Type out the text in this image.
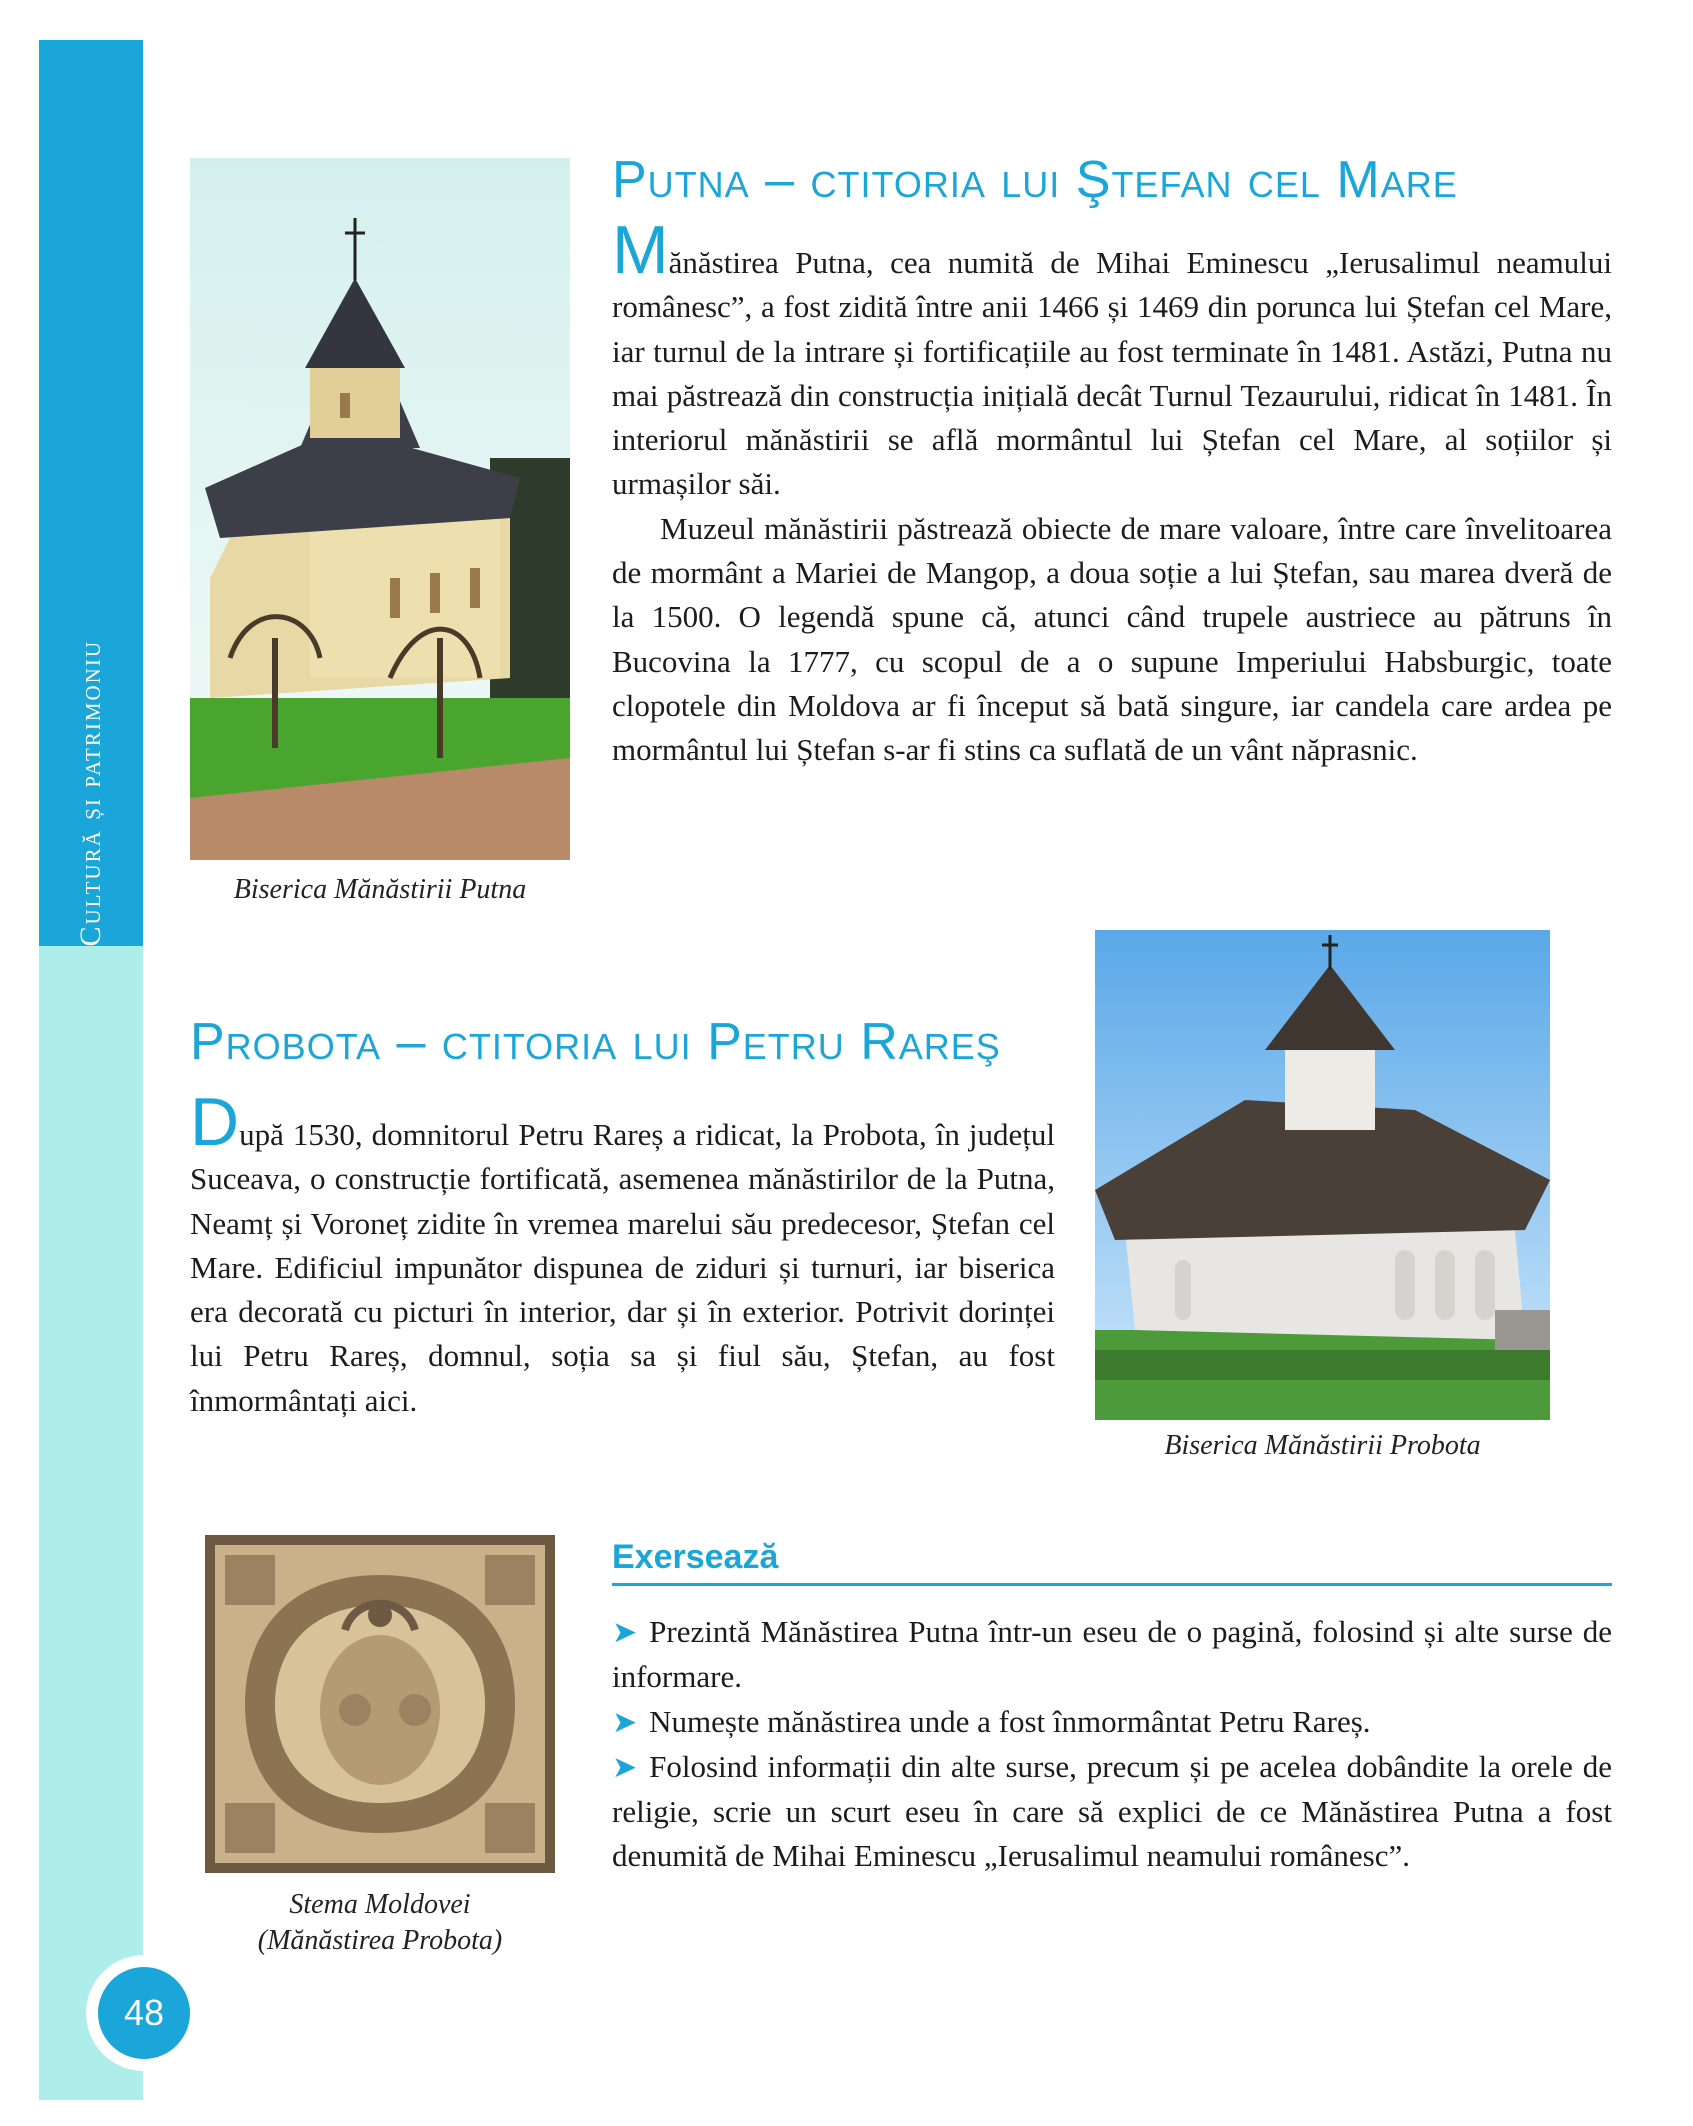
Cultură și patrimoniu
48
Biserica Mănăstirii Putna
Putna – ctitoria lui Ştefan cel Mare

Mănăstirea Putna, cea numită de Mihai Eminescu „Ierusalimul neamului românesc”, a fost zidită între anii 1466 și 1469 din porunca lui Ștefan cel Mare, iar turnul de la intrare și fortificațiile au fost terminate în 1481. Astăzi, Putna nu mai păstrează din construcția inițială decât Turnul Tezaurului, ridicat în 1481. În interiorul mănăstirii se află mormântul lui Ștefan cel Mare, al soțiilor și urmașilor săi.

Muzeul mănăstirii păstrează obiecte de mare valoare, între care învelitoarea de mormânt a Mariei de Mangop, a doua soție a lui Ștefan, sau marea dveră de la 1500. O legendă spune că, atunci când trupele austriece au pătruns în Bucovina la 1777, cu scopul de a o supune Imperiului Habsburgic, toate clopotele din Moldova ar fi început să bată singure, iar candela care ardea pe mormântul lui Ștefan s-ar fi stins ca suflată de un vânt năprasnic.

Biserica Mănăstirii Probota
Probota – ctitoria lui Petru Rareş

După 1530, domnitorul Petru Rareș a ridicat, la Probota, în județul Suceava, o construcție fortificată, asemenea mănăstirilor de la Putna, Neamț și Voroneț zidite în vremea marelui său predecesor, Ștefan cel Mare. Edificiul impunător dispunea de ziduri și turnuri, iar biserica era decorată cu picturi în interior, dar și în exterior. Potrivit dorinței lui Petru Rareș, domnul, soția sa și fiul său, Ștefan, au fost înmormântați aici.

Stema Moldovei
(Mănăstirea Probota)
Exersează
➤ Prezintă Mănăstirea Putna într-un eseu de o pagină, folosind și alte surse de informare.
➤ Numește mănăstirea unde a fost înmormântat Petru Rareș.
➤ Folosind informații din alte surse, precum și pe acelea dobândite la orele de religie, scrie un scurt eseu în care să explici de ce Mănăstirea Putna a fost denumită de Mihai Eminescu „Ierusalimul neamului românesc”.
